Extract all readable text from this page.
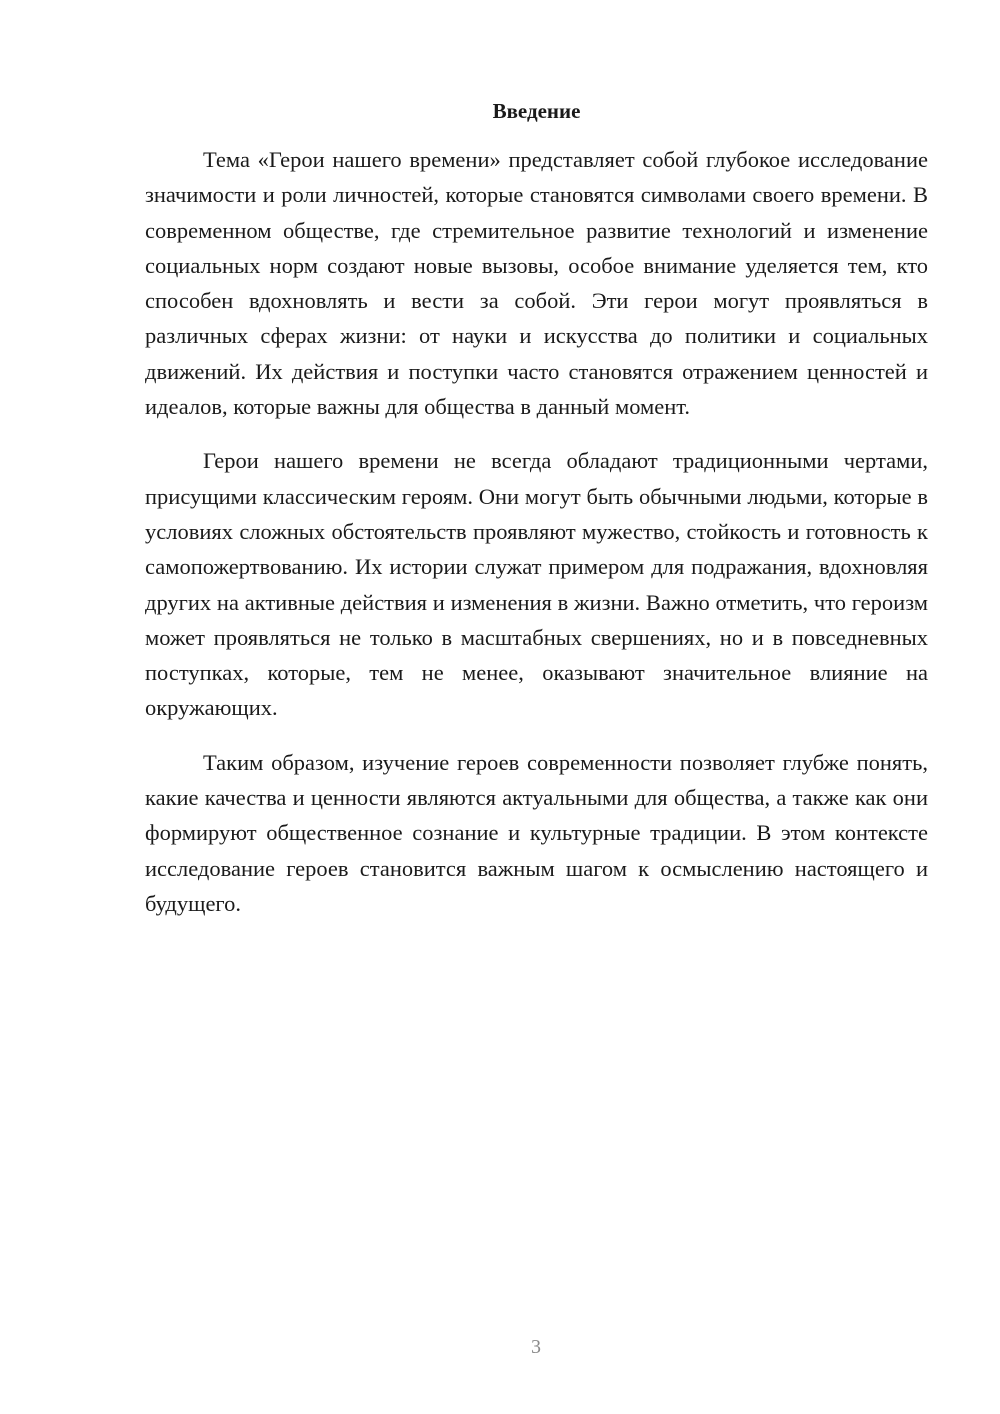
Введение

Тема «Герои нашего времени» представляет собой глубокое исследование значимости и роли личностей, которые становятся символами своего времени. В современном обществе, где стремительное развитие технологий и изменение социальных норм создают новые вызовы, особое внимание уделяется тем, кто способен вдохновлять и вести за собой. Эти герои могут проявляться в различных сферах жизни: от науки и искусства до политики и социальных движений. Их действия и поступки часто становятся отражением ценностей и идеалов, которые важны для общества в данный момент.

Герои нашего времени не всегда обладают традиционными чертами, присущими классическим героям. Они могут быть обычными людьми, которые в условиях сложных обстоятельств проявляют мужество, стойкость и готовность к самопожертвованию. Их истории служат примером для подражания, вдохновляя других на активные действия и изменения в жизни. Важно отметить, что героизм может проявляться не только в масштабных свершениях, но и в повседневных поступках, которые, тем не менее, оказывают значительное влияние на окружающих.

Таким образом, изучение героев современности позволяет глубже понять, какие качества и ценности являются актуальными для общества, а также как они формируют общественное сознание и культурные традиции. В этом контексте исследование героев становится важным шагом к осмыслению настоящего и будущего.

3
